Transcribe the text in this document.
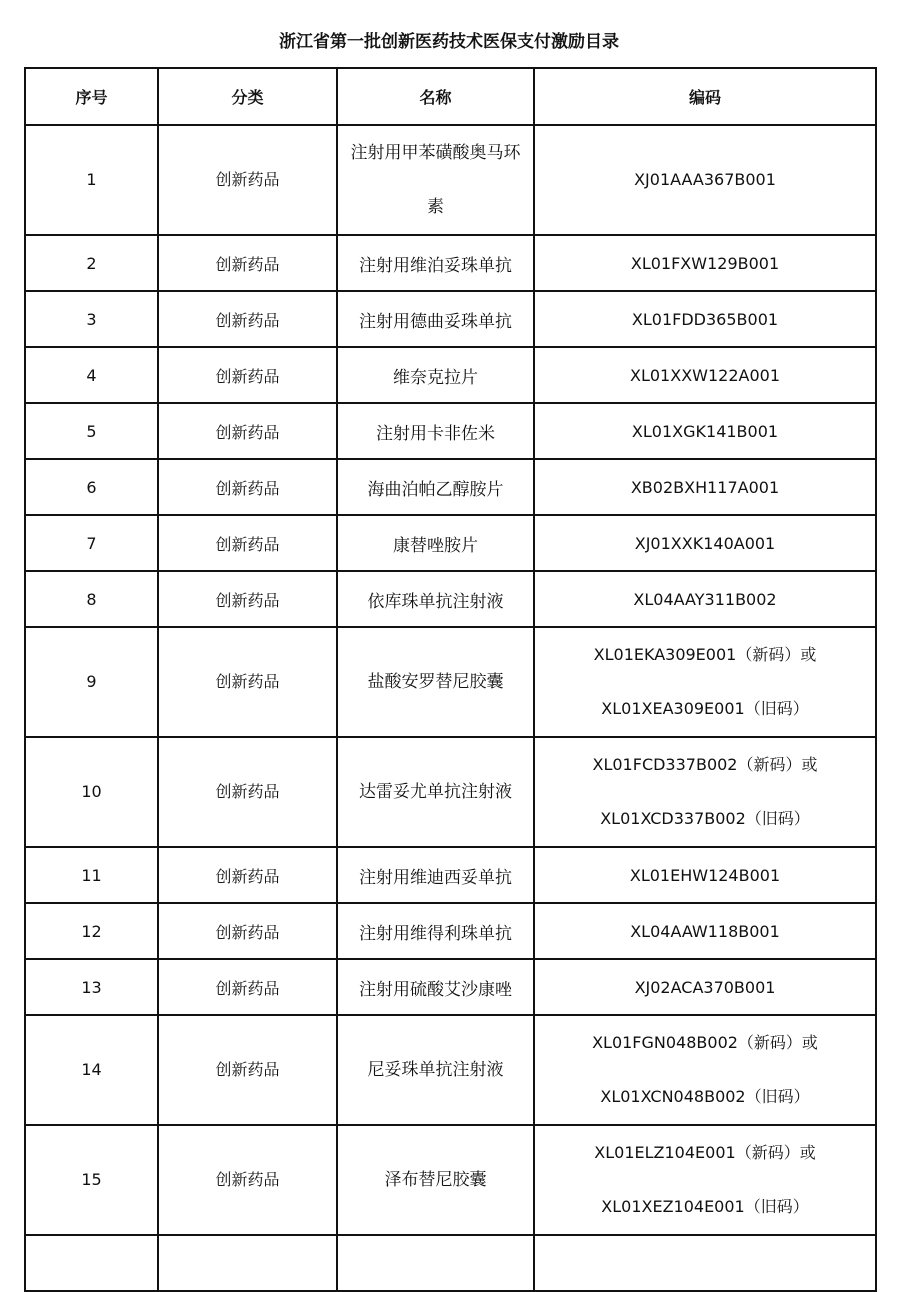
浙江省第一批创新医药技术医保支付激励目录
序号	分类	名称	编码
1	创新药品	注射用甲苯磺酸奥马环素	XJ01AAA367B001

2	创新药品	注射用维泊妥珠单抗	XL01FXW129B001

3	创新药品	注射用德曲妥珠单抗	XL01FDD365B001

4	创新药品	维奈克拉片	XL01XXW122A001

5	创新药品	注射用卡非佐米	XL01XGK141B001

6	创新药品	海曲泊帕乙醇胺片	XB02BXH117A001

7	创新药品	康替唑胺片	XJ01XXK140A001

8	创新药品	依库珠单抗注射液	XL04AAY311B002

9	创新药品	盐酸安罗替尼胶囊	XL01EKA309E001（新码）或
XL01XEA309E001（旧码）

10	创新药品	达雷妥尤单抗注射液	XL01FCD337B002（新码）或
XL01XCD337B002（旧码）

11	创新药品	注射用维迪西妥单抗	XL01EHW124B001

12	创新药品	注射用维得利珠单抗	XL04AAW118B001

13	创新药品	注射用硫酸艾沙康唑	XJ02ACA370B001

14	创新药品	尼妥珠单抗注射液	XL01FGN048B002（新码）或
XL01XCN048B002（旧码）

15	创新药品	泽布替尼胶囊	XL01ELZ104E001（新码）或
XL01XEZ104E001（旧码）
